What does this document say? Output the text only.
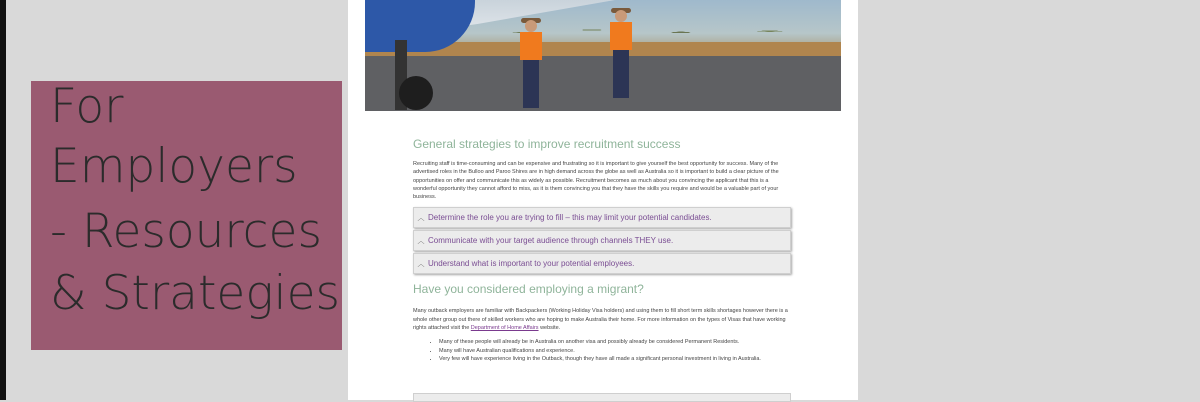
General strategies to improve recruitment success

Recruiting staff is time-consuming and can be expensive and frustrating so it is important to give yourself the best opportunity for success. Many of the advertised roles in the Bulloo and Paroo Shires are in high demand across the globe as well as Australia so it is important to build a clear picture of the opportunities on offer and communicate this as widely as possible. Recruitment becomes as much about you convincing the applicant that this is a wonderful opportunity they cannot afford to miss, as it is them convincing you that they have the skills you require and would be a valuable part of your business.

︿ Determine the role you are trying to fill – this may limit your potential candidates.
︿ Communicate with your target audience through channels THEY use.
︿ Understand what is important to your potential employees.
Have you considered employing a migrant?

Many outback employers are familiar with Backpackers (Working Holiday Visa holders) and using them to fill short term skills shortages however there is a whole other group out there of skilled workers who are hoping to make Australia their home. For more information on the types of Visas that have working rights attached visit the Department of Home Affairs website.

• Many of these people will already be in Australia on another visa and possibly already be considered Permanent Residents.
• Many will have Australian qualifications and experience.
• Very few will have experience living in the Outback, though they have all made a significant personal investment in living in Australia.
For
Employers
- Resources
& Strategies
